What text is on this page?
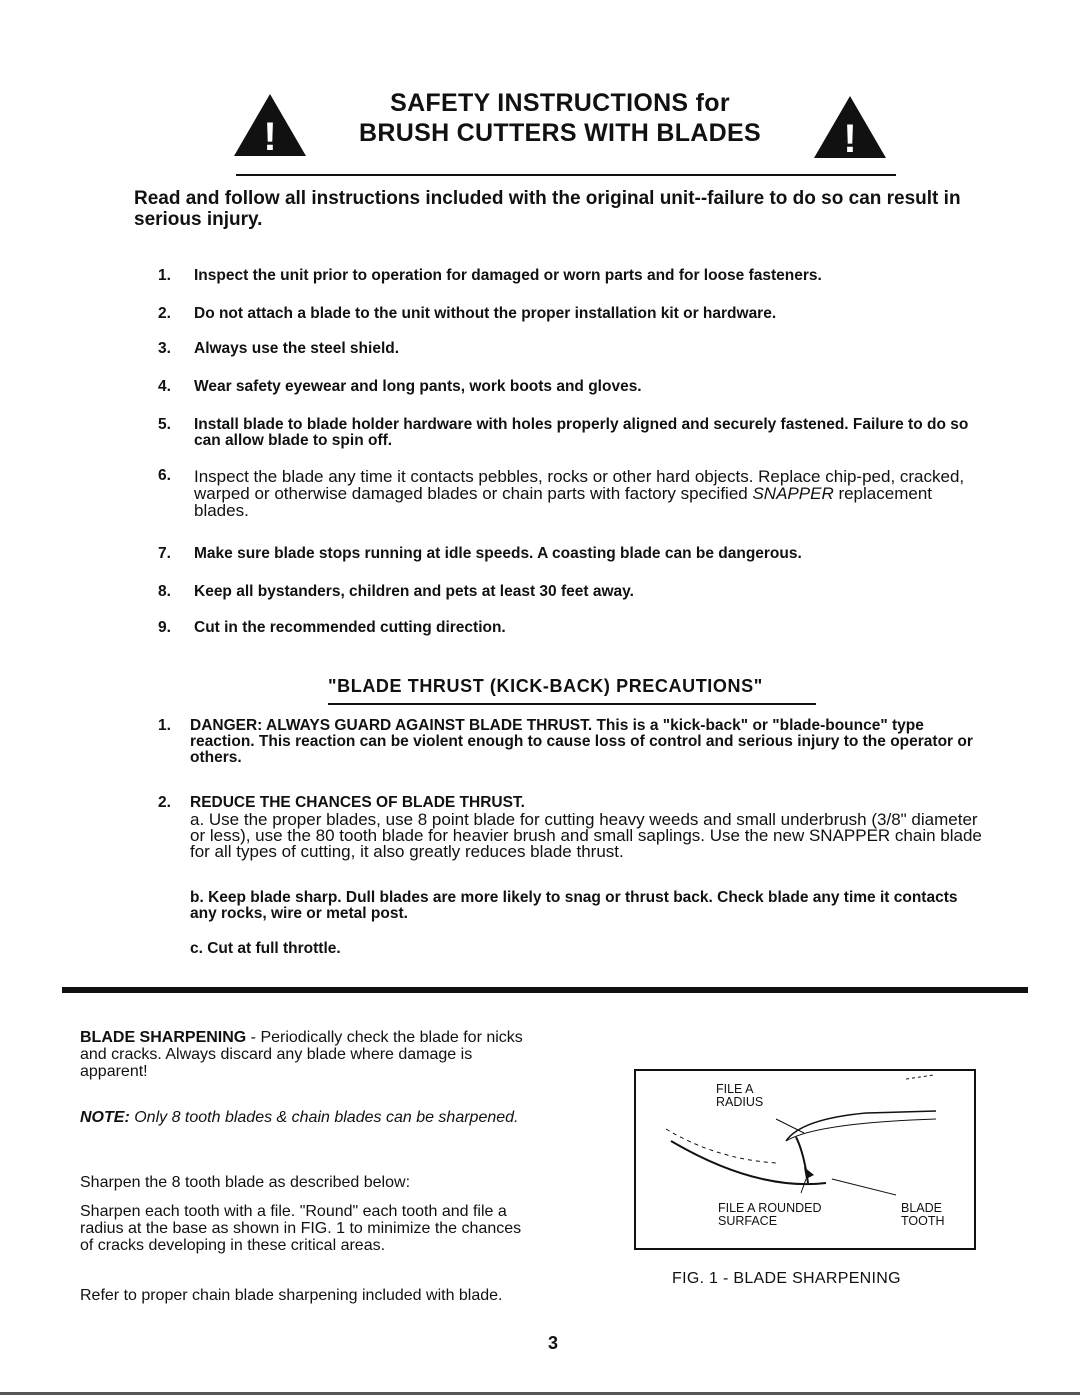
!	!
SAFETY INSTRUCTIONS for
BRUSH CUTTERS WITH BLADES
Read and follow all instructions included with the original unit--failure to do so can result in serious injury.
1.	Inspect the unit prior to operation for damaged or worn parts and for loose fasteners.
2.	Do not attach a blade to the unit without the proper installation kit or hardware.
3.	Always use the steel shield.
4.	Wear safety eyewear and long pants, work boots and gloves.
5.	Install blade to blade holder hardware with holes properly aligned and securely fastened. Failure to do so can allow blade to spin off.
6.	Inspect the blade any time it contacts pebbles, rocks or other hard objects. Replace chip-ped, cracked, warped or otherwise damaged blades or chain parts with factory specified SNAPPER replacement blades.
7.	Make sure blade stops running at idle speeds. A coasting blade can be dangerous.
8.	Keep all bystanders, children and pets at least 30 feet away.
9.	Cut in the recommended cutting direction.
"BLADE THRUST (KICK-BACK) PRECAUTIONS"
1. DANGER: ALWAYS GUARD AGAINST BLADE THRUST. This is a "kick-back" or "blade-bounce" type reaction. This reaction can be violent enough to cause loss of control and serious injury to the operator or others.
2. REDUCE THE CHANCES OF BLADE THRUST.
a. Use the proper blades, use 8 point blade for cutting heavy weeds and small underbrush (3/8" diameter or less), use the 80 tooth blade for heavier brush and small saplings. Use the new SNAPPER chain blade for all types of cutting, it also greatly reduces blade thrust.
b. Keep blade sharp. Dull blades are more likely to snag or thrust back. Check blade any time it contacts any rocks, wire or metal post.
c. Cut at full throttle.
BLADE SHARPENING - Periodically check the blade for nicks and cracks. Always discard any blade where damage is apparent!
NOTE: Only 8 tooth blades & chain blades can be sharpened.
Sharpen the 8 tooth blade as described below:
Sharpen each tooth with a file. "Round" each tooth and file a radius at the base as shown in FIG. 1 to minimize the chances of cracks developing in these critical areas.
Refer to proper chain blade sharpening included with blade.
FILE A
RADIUS
FILE A ROUNDED
SURFACE
BLADE
TOOTH
FIG. 1 - BLADE SHARPENING
3
